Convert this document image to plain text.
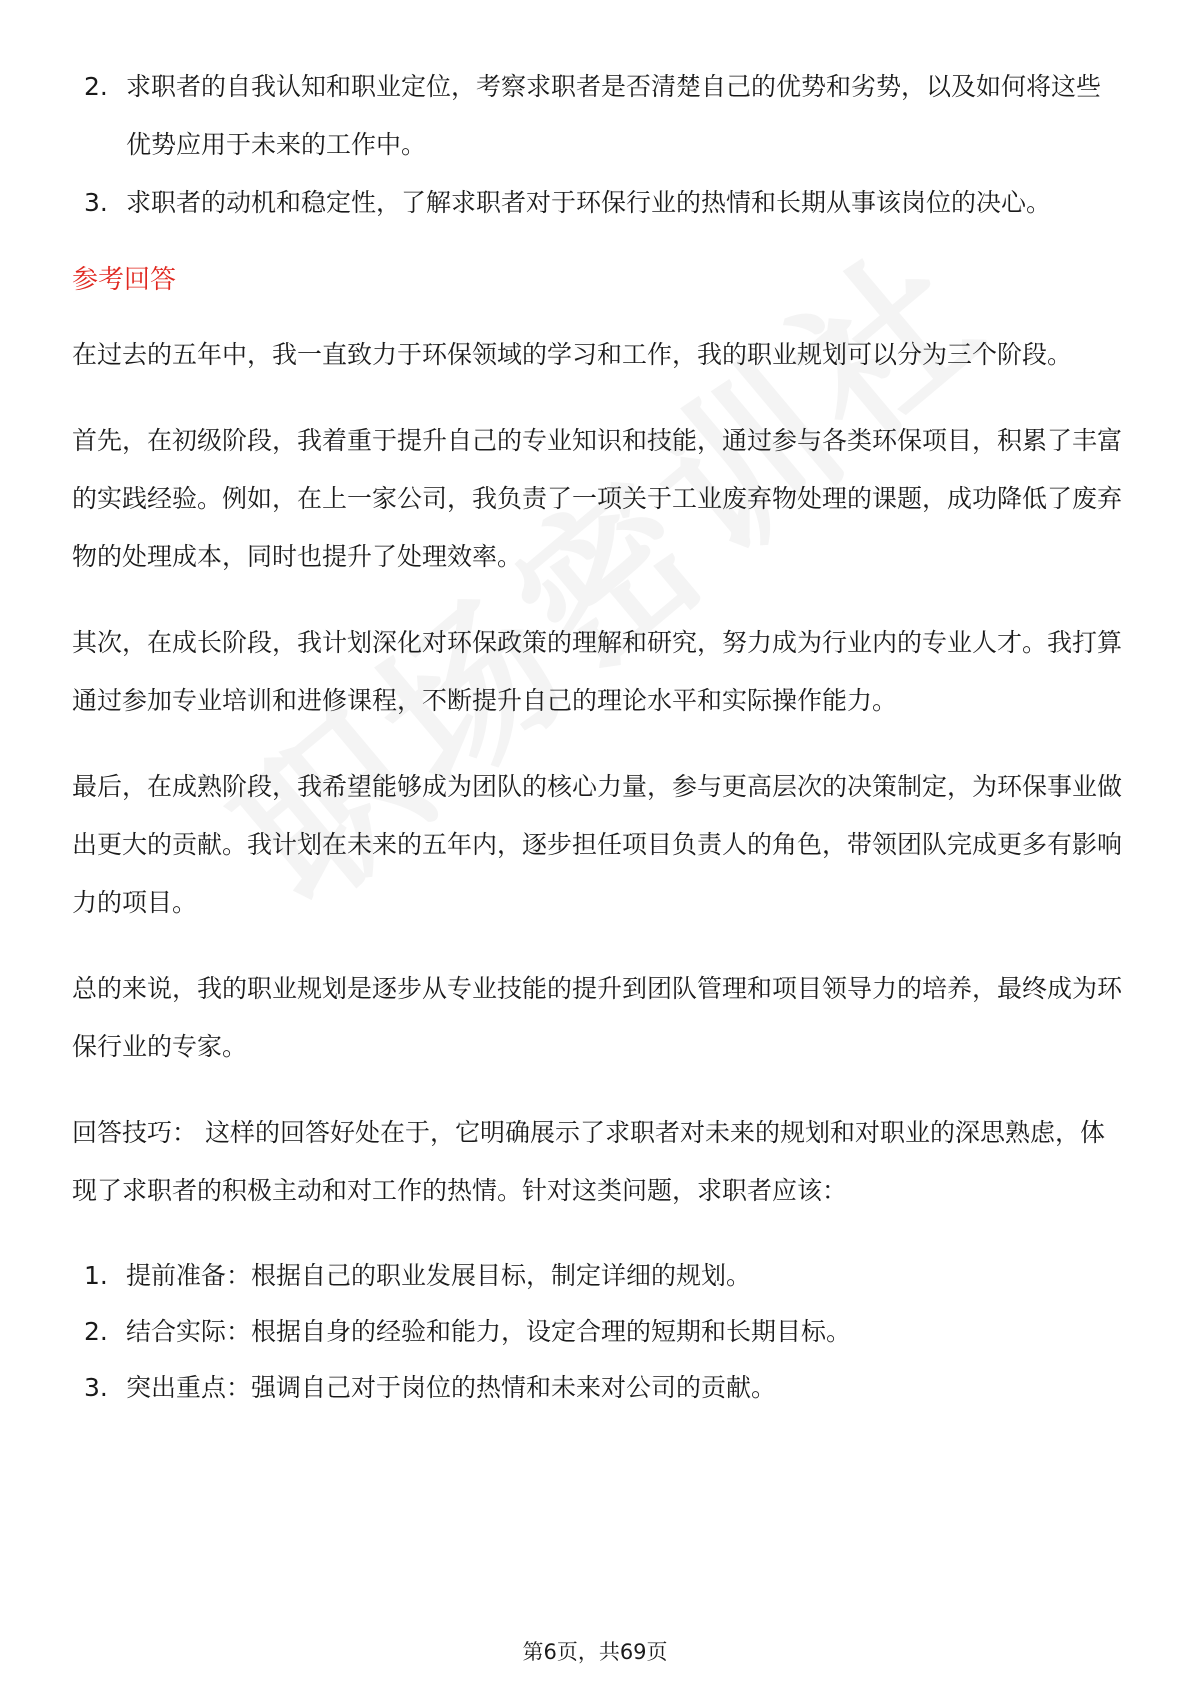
2. 求职者的自我认知和职业定位，考察求职者是否清楚自己的优势和劣势，以及如何将这些优势应用于未来的工作中。
3. 求职者的动机和稳定性，了解求职者对于环保行业的热情和长期从事该岗位的决心。
参考回答

在过去的五年中，我一直致力于环保领域的学习和工作，我的职业规划可以分为三个阶段。

首先，在初级阶段，我着重于提升自己的专业知识和技能，通过参与各类环保项目，积累了丰富的实践经验。例如，在上一家公司，我负责了一项关于工业废弃物处理的课题，成功降低了废弃物的处理成本，同时也提升了处理效率。

其次，在成长阶段，我计划深化对环保政策的理解和研究，努力成为行业内的专业人才。我打算通过参加专业培训和进修课程，不断提升自己的理论水平和实际操作能力。

最后，在成熟阶段，我希望能够成为团队的核心力量，参与更高层次的决策制定，为环保事业做出更大的贡献。我计划在未来的五年内，逐步担任项目负责人的角色，带领团队完成更多有影响力的项目。

总的来说，我的职业规划是逐步从专业技能的提升到团队管理和项目领导力的培养，最终成为环保行业的专家。

回答技巧： 这样的回答好处在于，它明确展示了求职者对未来的规划和对职业的深思熟虑，体现了求职者的积极主动和对工作的热情。针对这类问题，求职者应该：

1. 提前准备：根据自己的职业发展目标，制定详细的规划。
2. 结合实际：根据自身的经验和能力，设定合理的短期和长期目标。
3. 突出重点：强调自己对于岗位的热情和未来对公司的贡献。
第6页，共69页
